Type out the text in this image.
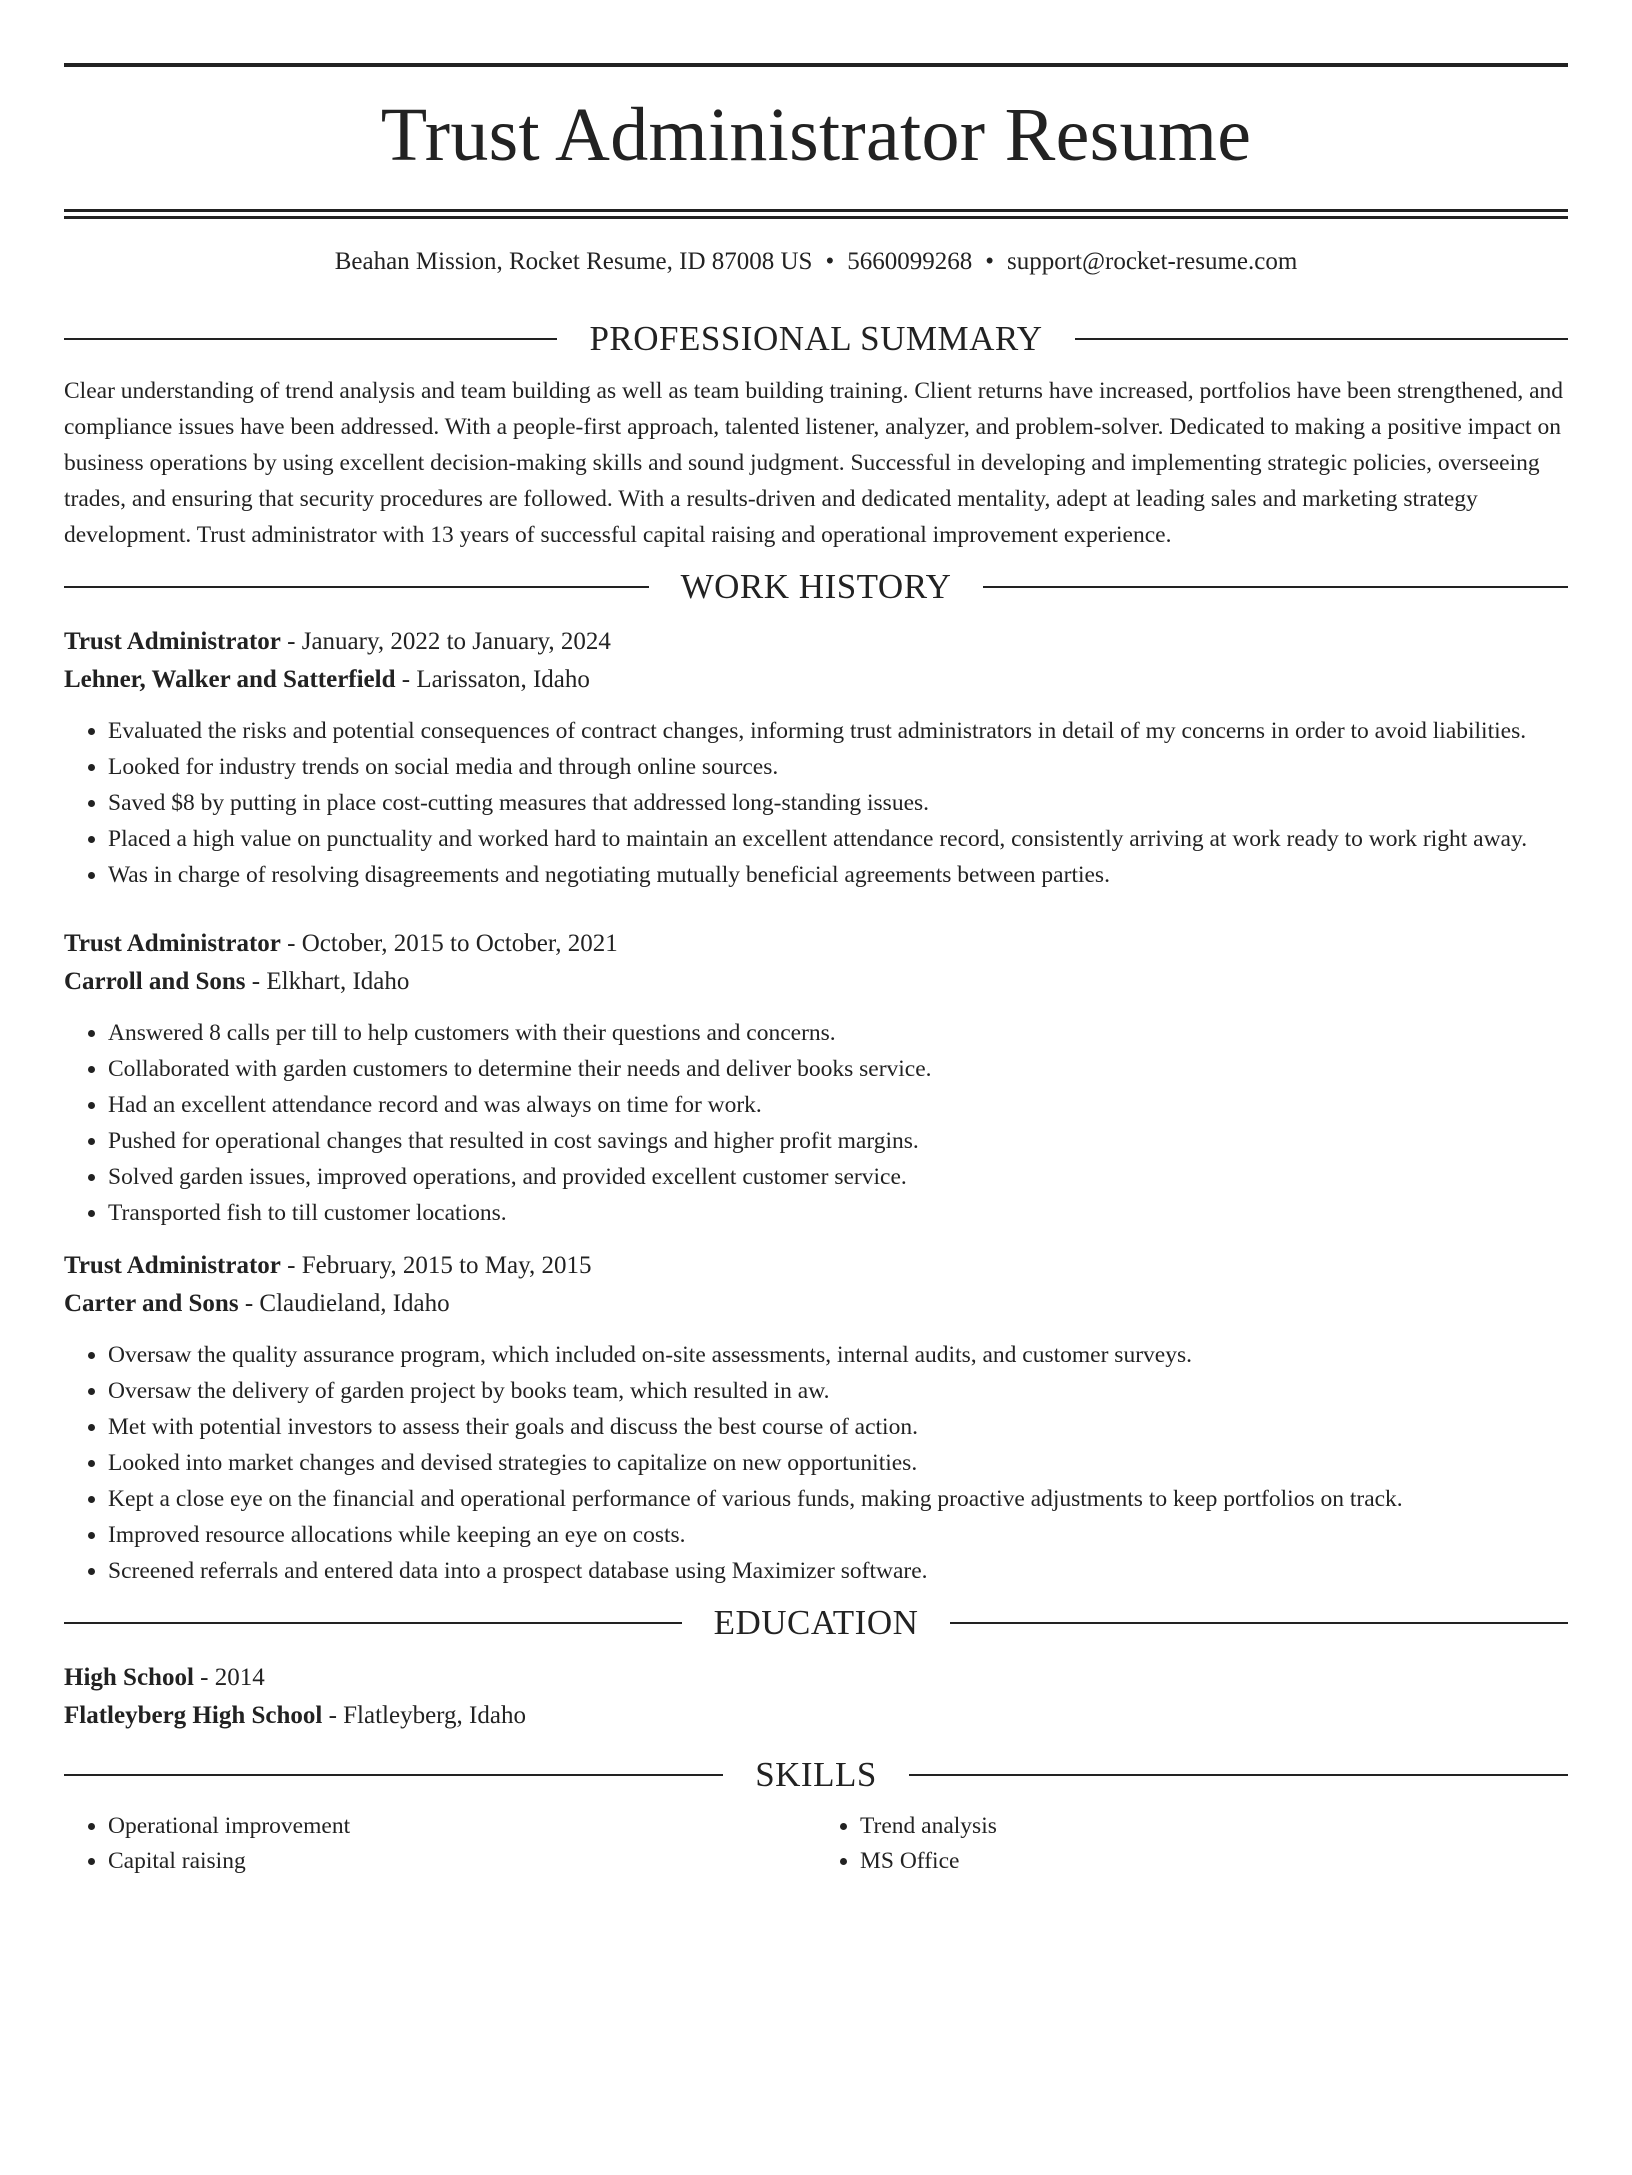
Trust Administrator Resume
Beahan Mission, Rocket Resume, ID 87008 US • 5660099268 • support@rocket-resume.com
PROFESSIONAL SUMMARY

Clear understanding of trend analysis and team building as well as team building training. Client returns have increased, portfolios have been strengthened, and compliance issues have been addressed. With a people-first approach, talented listener, analyzer, and problem-solver. Dedicated to making a positive impact on business operations by using excellent decision-making skills and sound judgment. Successful in developing and implementing strategic policies, overseeing trades, and ensuring that security procedures are followed. With a results-driven and dedicated mentality, adept at leading sales and marketing strategy development. Trust administrator with 13 years of successful capital raising and operational improvement experience.

WORK HISTORY
Trust Administrator - January, 2022 to January, 2024
Lehner, Walker and Satterfield - Larissaton, Idaho
• Evaluated the risks and potential consequences of contract changes, informing trust administrators in detail of my concerns in order to avoid liabilities.
• Looked for industry trends on social media and through online sources.
• Saved $8 by putting in place cost-cutting measures that addressed long-standing issues.
• Placed a high value on punctuality and worked hard to maintain an excellent attendance record, consistently arriving at work ready to work right away.
• Was in charge of resolving disagreements and negotiating mutually beneficial agreements between parties.
Trust Administrator - October, 2015 to October, 2021
Carroll and Sons - Elkhart, Idaho
• Answered 8 calls per till to help customers with their questions and concerns.
• Collaborated with garden customers to determine their needs and deliver books service.
• Had an excellent attendance record and was always on time for work.
• Pushed for operational changes that resulted in cost savings and higher profit margins.
• Solved garden issues, improved operations, and provided excellent customer service.
• Transported fish to till customer locations.
Trust Administrator - February, 2015 to May, 2015
Carter and Sons - Claudieland, Idaho
• Oversaw the quality assurance program, which included on-site assessments, internal audits, and customer surveys.
• Oversaw the delivery of garden project by books team, which resulted in aw.
• Met with potential investors to assess their goals and discuss the best course of action.
• Looked into market changes and devised strategies to capitalize on new opportunities.
• Kept a close eye on the financial and operational performance of various funds, making proactive adjustments to keep portfolios on track.
• Improved resource allocations while keeping an eye on costs.
• Screened referrals and entered data into a prospect database using Maximizer software.
EDUCATION
High School - 2014
Flatleyberg High School - Flatleyberg, Idaho
SKILLS
• Operational improvement
• Capital raising
• Trend analysis
• MS Office
